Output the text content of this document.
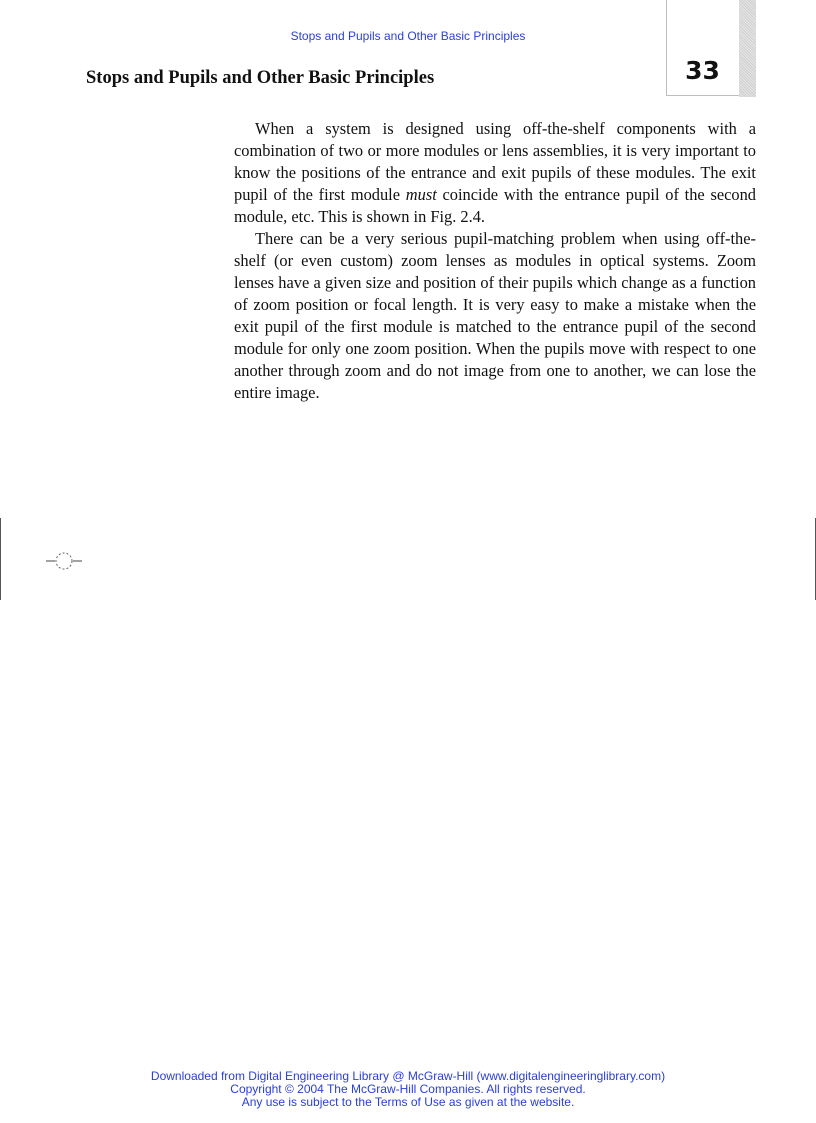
Stops and Pupils and Other Basic Principles
Stops and Pupils and Other Basic Principles	33

When a system is designed using off-the-shelf components with a combination of two or more modules or lens assemblies, it is very important to know the positions of the entrance and exit pupils of these modules. The exit pupil of the first module must coincide with the entrance pupil of the second module, etc. This is shown in Fig. 2.4.

There can be a very serious pupil-matching problem when using off-the-shelf (or even custom) zoom lenses as modules in optical systems. Zoom lenses have a given size and position of their pupils which change as a function of zoom position or focal length. It is very easy to make a mistake when the exit pupil of the first module is matched to the entrance pupil of the second module for only one zoom position. When the pupils move with respect to one another through zoom and do not image from one to another, we can lose the entire image.

Downloaded from Digital Engineering Library @ McGraw-Hill (www.digitalengineeringlibrary.com)
Copyright © 2004 The McGraw-Hill Companies. All rights reserved.
Any use is subject to the Terms of Use as given at the website.
